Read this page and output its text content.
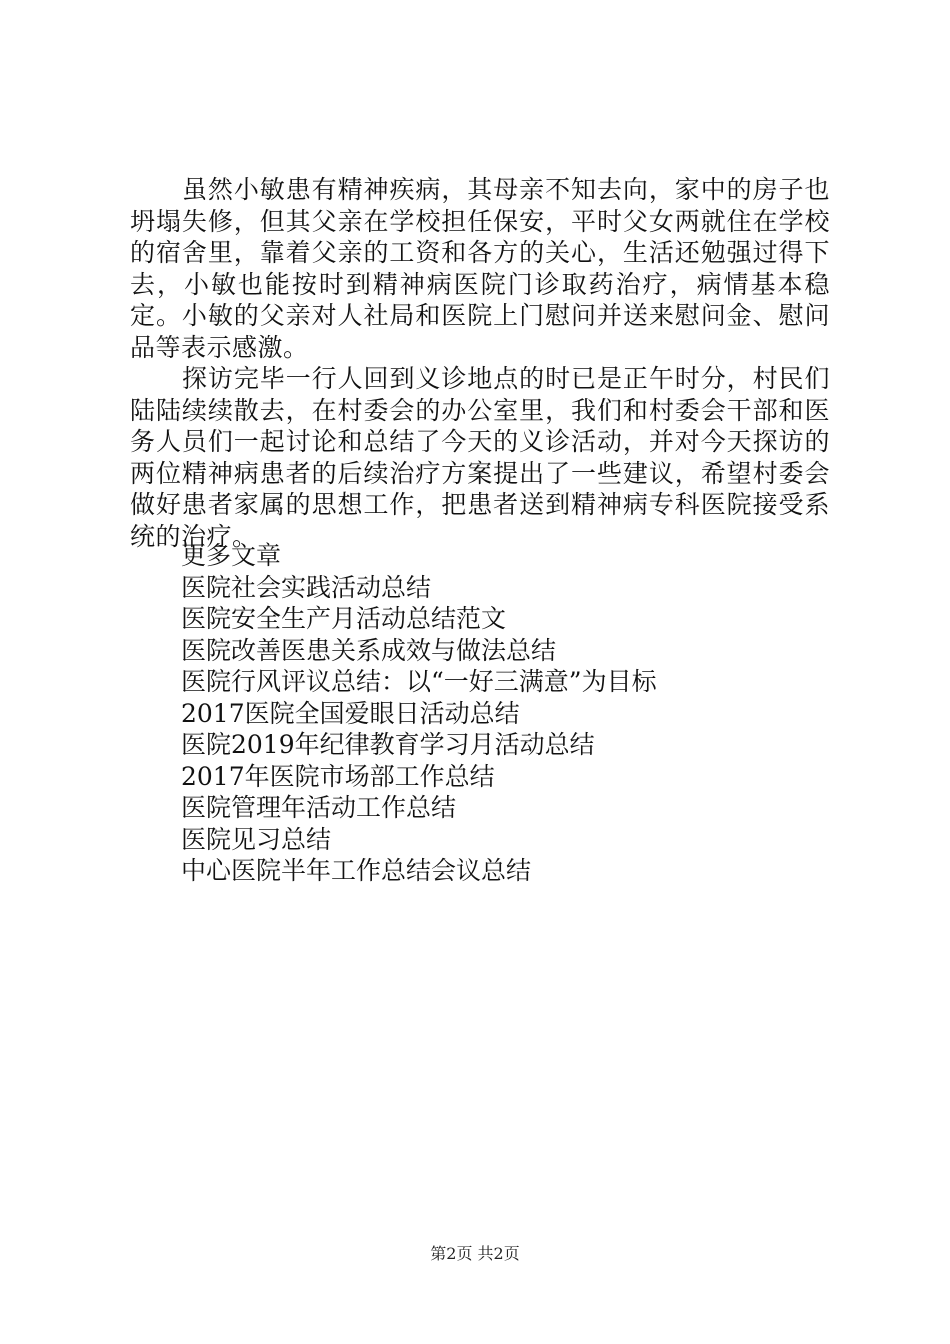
虽然小敏患有精神疾病，其母亲不知去向，家中的房子也坍塌失修，但其父亲在学校担任保安，平时父女两就住在学校的宿舍里，靠着父亲的工资和各方的关心，生活还勉强过得下去，小敏也能按时到精神病医院门诊取药治疗，病情基本稳定。小敏的父亲对人社局和医院上门慰问并送来慰问金、慰问品等表示感激。

探访完毕一行人回到义诊地点的时已是正午时分，村民们陆陆续续散去，在村委会的办公室里，我们和村委会干部和医务人员们一起讨论和总结了今天的义诊活动，并对今天探访的两位精神病患者的后续治疗方案提出了一些建议，希望村委会做好患者家属的思想工作，把患者送到精神病专科医院接受系统的治疗。

更多文章
医院社会实践活动总结
医院安全生产月活动总结范文
医院改善医患关系成效与做法总结
医院行风评议总结：以“一好三满意”为目标
2017医院全国爱眼日活动总结
医院2019年纪律教育学习月活动总结
2017年医院市场部工作总结
医院管理年活动工作总结
医院见习总结
中心医院半年工作总结会议总结
第2页 共2页
